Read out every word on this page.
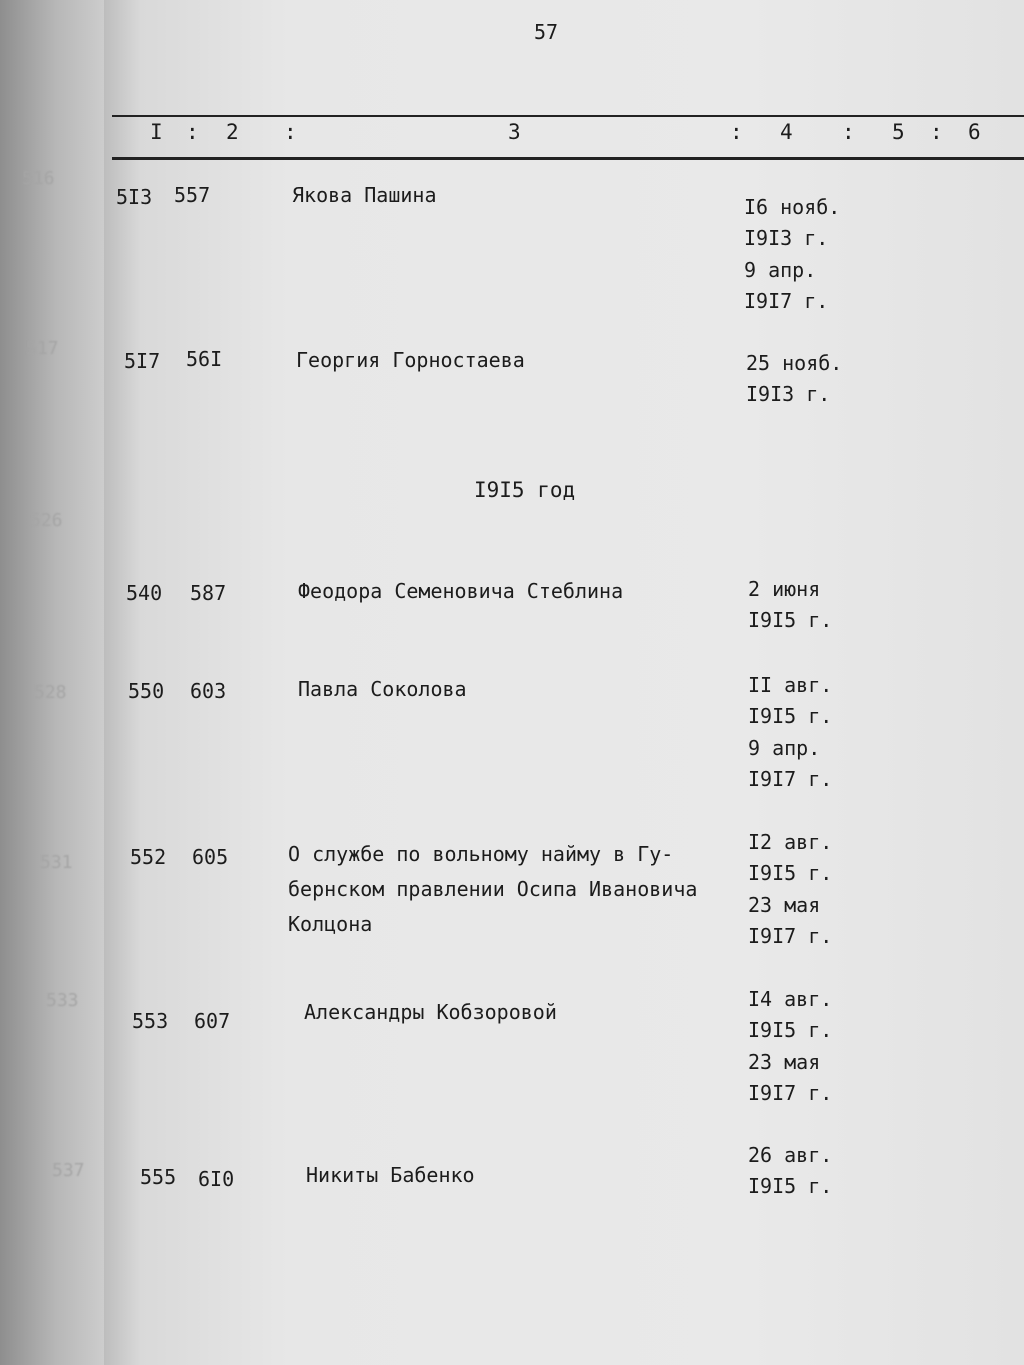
516
517
526
528
531
533
537
57
I : 2 :	3	: 4 : 5 : 6
5I3 557	Якова Пашина	I6 нояб.
I9I3 г.
9 апр.
I9I7 г.
5I7 56I	Георгия Горностаева	25 нояб.
I9I3 г.
I9I5 год
540 587	Феодора Семеновича Стеблина	2 июня
I9I5 г.
550 603	Павла Соколова	II авг.
I9I5 г.
9 апр.
I9I7 г.
552 605	О службе по вольному найму в Гу-
бернском правлении Осипа Ивановича
Колцона
I2 авг.
I9I5 г.
23 мая
I9I7 г.
553 607	Александры Кобзоровой
I4 авг.
I9I5 г.
23 мая
I9I7 г.
555 6I0	Никиты Бабенко
26 авг.
I9I5 г.
